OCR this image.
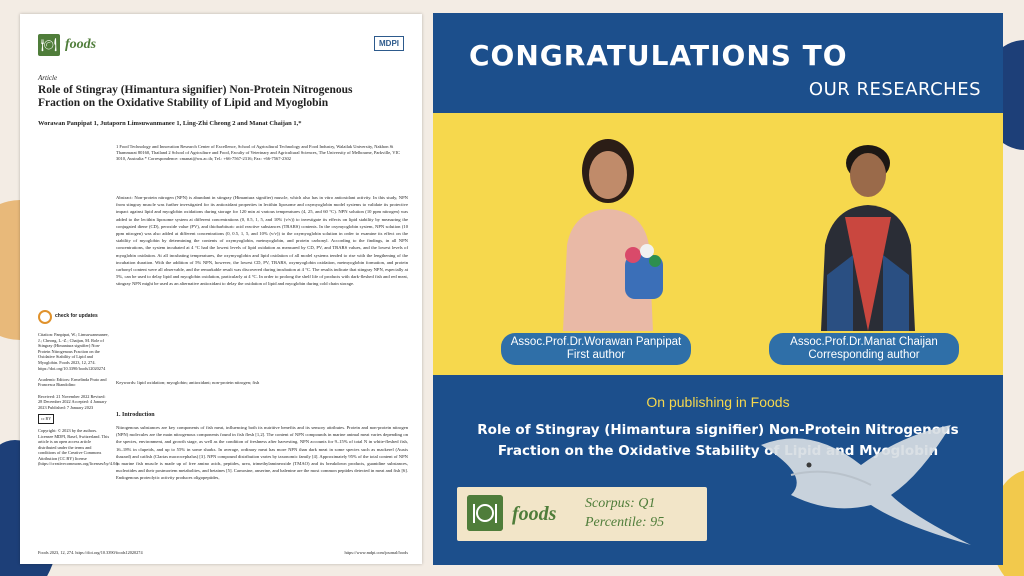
🍽 foods	MDPI
Article
Role of Stingray (Himantura signifier) Non-Protein Nitrogenous Fraction on the Oxidative Stability of Lipid and Myoglobin
Worawan Panpipat 1, Jutaporn Limsuwanmanee 1, Ling-Zhi Cheong 2 and Manat Chaijan 1,*
1 Food Technology and Innovation Research Center of Excellence, School of Agricultural Technology and Food Industry, Walailak University, Nakhon Si Thammarat 80160, Thailand 2 School of Agriculture and Food, Faculty of Veterinary and Agricultural Sciences, The University of Melbourne, Parkville, VIC 3010, Australia * Correspondence: cmanat@wu.ac.th; Tel.: +66-7567-2316; Fax: +66-7567-2302
Abstract: Non-protein nitrogen (NPN) is abundant in stingray (Himantura signifier) muscle, which also has in vitro antioxidant activity. In this study, NPN from stingray muscle was further investigated for its antioxidant properties in lecithin liposome and oxymyoglobin model systems to validate its protective impact against lipid and myoglobin oxidations during storage for 120 min at various temperatures (4, 25, and 60 °C). NPN solution (10 ppm nitrogen) was added to the lecithin liposome system at different concentrations (0, 0.5, 1, 5, and 10% (v/v)) to investigate its effects on lipid stability by measuring the conjugated diene (CD), peroxide value (PV), and thiobarbituric acid reactive substances (TBARS) contents. In the oxymyoglobin system, NPN solution (10 ppm nitrogen) was also added at different concentrations (0, 0.5, 1, 5, and 10% (v/v)) to the oxymyoglobin solution in order to examine its effect on the stability of myoglobin by determining the contents of oxymyoglobin, metmyoglobin, and protein carbonyl. According to the findings, in all NPN concentrations, the system incubated at 4 °C had the lowest levels of lipid oxidation as measured by CD, PV, and TBARS values, and the lowest levels of myoglobin oxidation. At all incubating temperatures, the oxymyoglobin and lipid oxidation of all model systems tended to rise with the lengthening of the incubation duration. With the addition of 5% NPN, however, the lowest CD, PV, TBARS, oxymyoglobin oxidation, metmyoglobin formation, and protein carbonyl content were all observable, and the remarkable result was discovered during incubation at 4 °C. The results indicate that stingray NPN, especially at 5%, can be used to delay lipid and myoglobin oxidation, particularly at 4 °C. In order to prolong the shelf life of products with dark-fleshed fish and red meat, stingray NPN might be used as an alternative antioxidant to delay the oxidation of lipid and myoglobin during cold chain storage.
Keywords: lipid oxidation; myoglobin; antioxidant; non-protein nitrogen; fish
1. Introduction
Nitrogenous substances are key components of fish meat, influencing both its nutritive benefits and its sensory attributes. Protein and non-protein nitrogen (NPN) molecules are the main nitrogenous components found in fish flesh [1,2]. The content of NPN compounds in marine animal meat varies depending on the species, environment, and growth stage, as well as the condition of freshness after harvesting. NPN accounts for 9–15% of total N in white-fleshed fish, 16–18% in clupeids, and up to 55% in some sharks. In average, ordinary meat has more NPN than dark meat in some species such as mackerel (Auxis thazard) and catfish (Clarias macrocephalus) [3]. NPN compound distribution varies by taxonomic family [4]. Approximately 95% of the total content of NPN in marine fish muscle is made up of free amino acids, peptides, urea, trimethylamineoxide (TMAO) and its breakdown products, guanidine substances, nucleotides and their postmortem metabolites, and betaines [5]. Carnosine, anserine, and balenine are the most common peptides detected in meat and fish [6]. Endogenous proteolytic activity produces oligopeptides,
check for updates
Citation: Panpipat, W.; Limsuwanmanee, J.; Cheong, L.-Z.; Chaijan, M. Role of Stingray (Himantura signifier) Non-Protein Nitrogenous Fraction on the Oxidative Stability of Lipid and Myoglobin. Foods 2023, 12, 274. https://doi.org/10.3390/foods12020274

Academic Editors: Ermelinda Prato and Francesca Biandolino

Received: 21 November 2022 Revised: 28 December 2022 Accepted: 4 January 2023 Published: 7 January 2023
cc BY
Copyright: © 2023 by the authors. Licensee MDPI, Basel, Switzerland. This article is an open access article distributed under the terms and conditions of the Creative Commons Attribution (CC BY) license (https://creativecommons.org/licenses/by/4.0/).
Foods 2023, 12, 274. https://doi.org/10.3390/foods12020274	https://www.mdpi.com/journal/foods
CONGRATULATIONS TO
OUR RESEARCHES
Assoc.Prof.Dr.Worawan Panpipat
First author
Assoc.Prof.Dr.Manat Chaijan
Corresponding author
On publishing in Foods
Role of Stingray (Himantura signifier) Non-Protein Nitrogenous
Fraction on the Oxidative Stability of Lipid and Myoglobin
foods Scorpus: Q1
Percentile: 95
